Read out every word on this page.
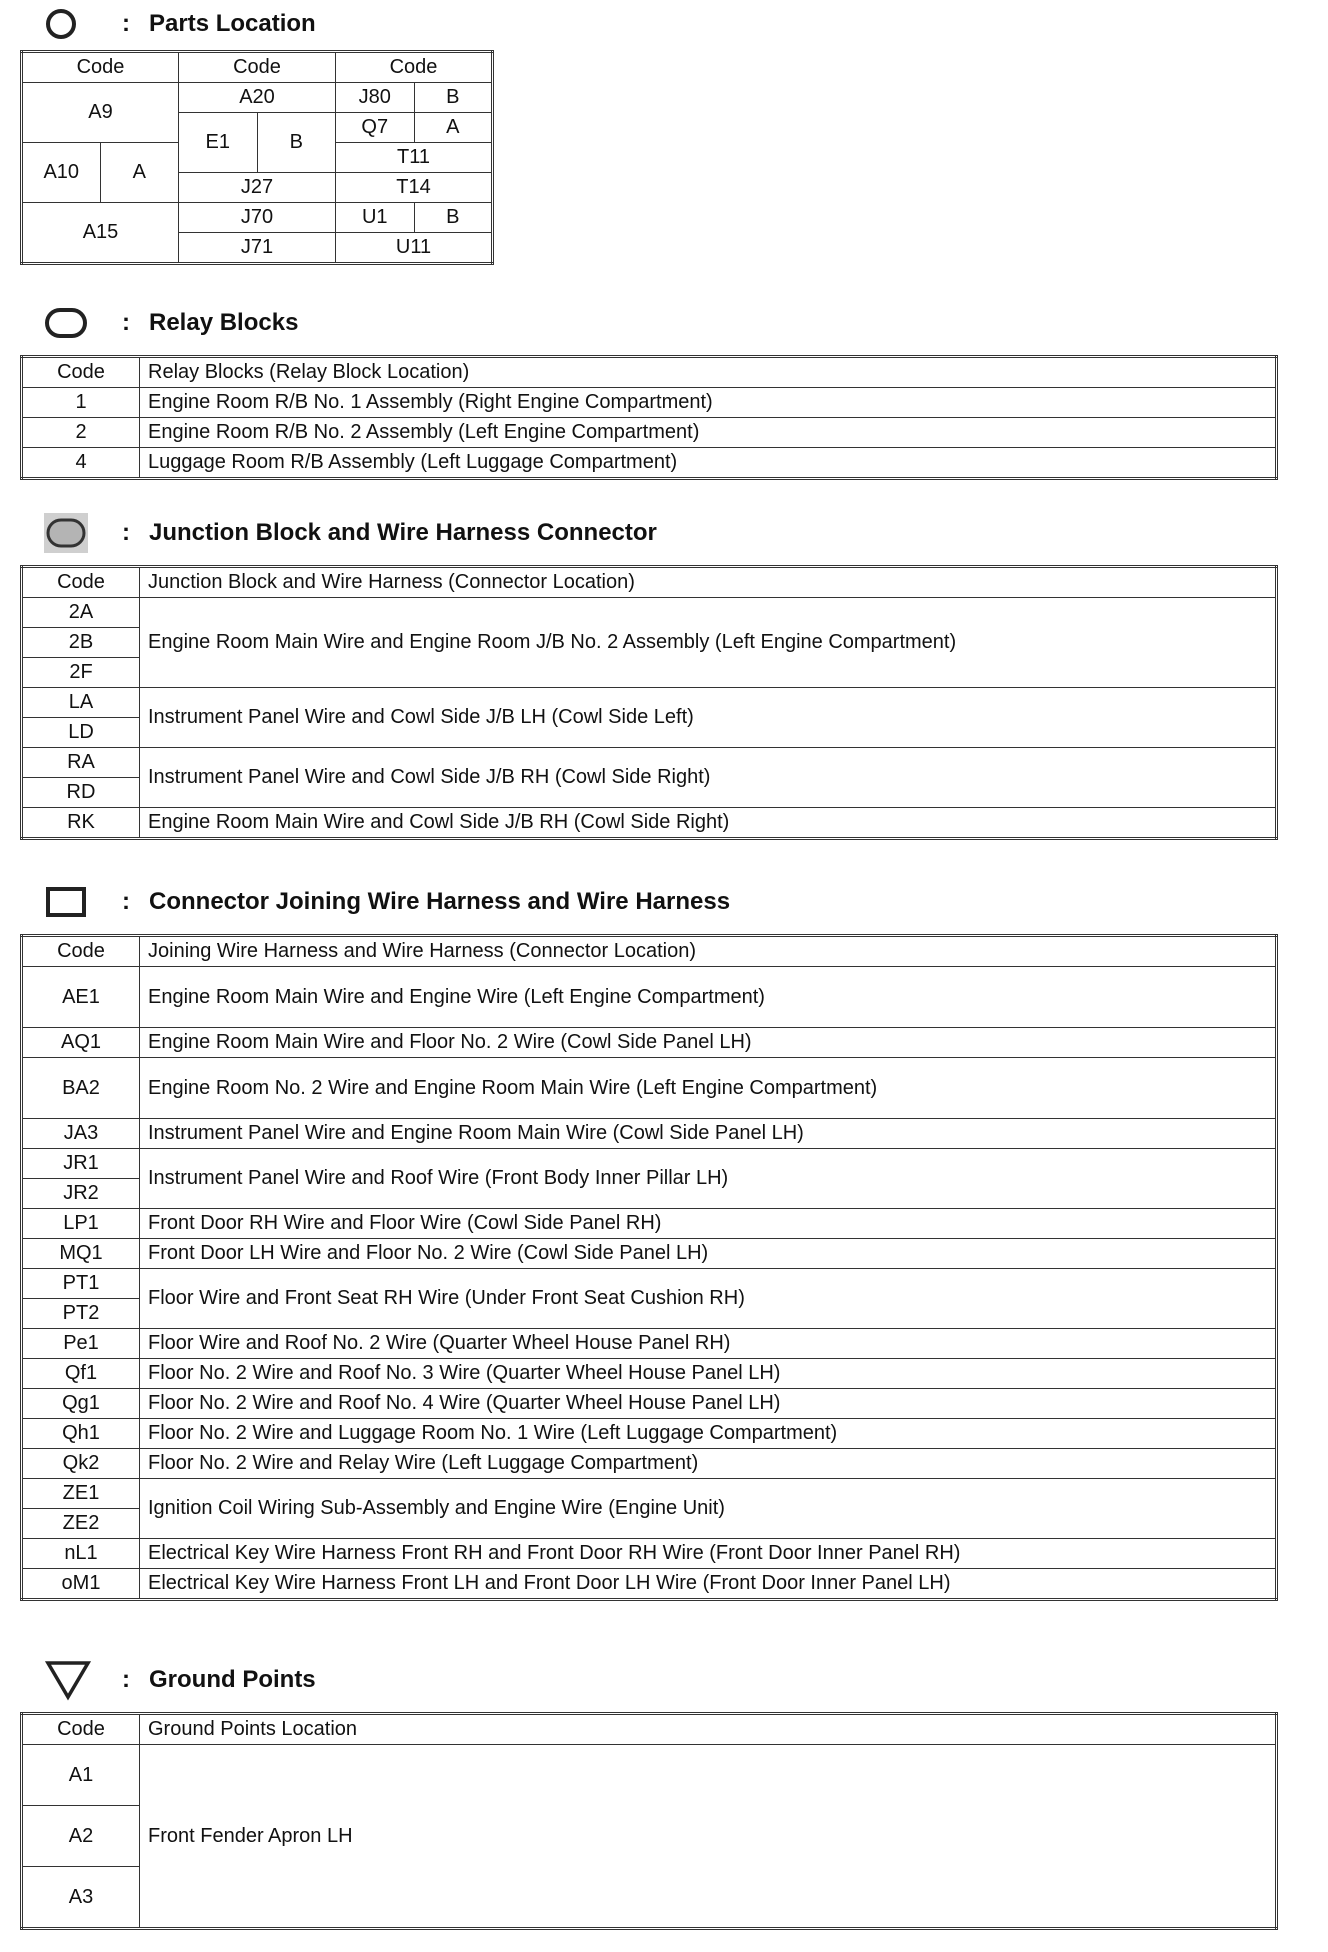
: Parts Location
Code		Code		Code	
A9		A20		J80	B
		E1	B	Q7	A
A10	A			T11	
		J27		T14	
A15		J70		U1	B
		J71		U11	
: Relay Blocks
Code	Relay Blocks (Relay Block Location)
1	Engine Room R/B No. 1 Assembly (Right Engine Compartment)
2	Engine Room R/B No. 2 Assembly (Left Engine Compartment)
4	Luggage Room R/B Assembly (Left Luggage Compartment)
: Junction Block and Wire Harness Connector
Code	Junction Block and Wire Harness (Connector Location)
2A	Engine Room Main Wire and Engine Room J/B No. 2 Assembly (Left Engine Compartment)
2B	
2F	
LA	Instrument Panel Wire and Cowl Side J/B LH (Cowl Side Left)
LD	
RA	Instrument Panel Wire and Cowl Side J/B RH (Cowl Side Right)
RD	
RK	Engine Room Main Wire and Cowl Side J/B RH (Cowl Side Right)
: Connector Joining Wire Harness and Wire Harness
Code	Joining Wire Harness and Wire Harness (Connector Location)
AE1	Engine Room Main Wire and Engine Wire (Left Engine Compartment)
AQ1	Engine Room Main Wire and Floor No. 2 Wire (Cowl Side Panel LH)
BA2	Engine Room No. 2 Wire and Engine Room Main Wire (Left Engine Compartment)
JA3	Instrument Panel Wire and Engine Room Main Wire (Cowl Side Panel LH)
JR1	Instrument Panel Wire and Roof Wire (Front Body Inner Pillar LH)
JR2	
LP1	Front Door RH Wire and Floor Wire (Cowl Side Panel RH)
MQ1	Front Door LH Wire and Floor No. 2 Wire (Cowl Side Panel LH)
PT1	Floor Wire and Front Seat RH Wire (Under Front Seat Cushion RH)
PT2	
Pe1	Floor Wire and Roof No. 2 Wire (Quarter Wheel House Panel RH)
Qf1	Floor No. 2 Wire and Roof No. 3 Wire (Quarter Wheel House Panel LH)
Qg1	Floor No. 2 Wire and Roof No. 4 Wire (Quarter Wheel House Panel LH)
Qh1	Floor No. 2 Wire and Luggage Room No. 1 Wire (Left Luggage Compartment)
Qk2	Floor No. 2 Wire and Relay Wire (Left Luggage Compartment)
ZE1	Ignition Coil Wiring Sub-Assembly and Engine Wire (Engine Unit)
ZE2	
nL1	Electrical Key Wire Harness Front RH and Front Door RH Wire (Front Door Inner Panel RH)
oM1	Electrical Key Wire Harness Front LH and Front Door LH Wire (Front Door Inner Panel LH)
: Ground Points
Code	Ground Points Location
A1	Front Fender Apron LH
A2	
A3	
